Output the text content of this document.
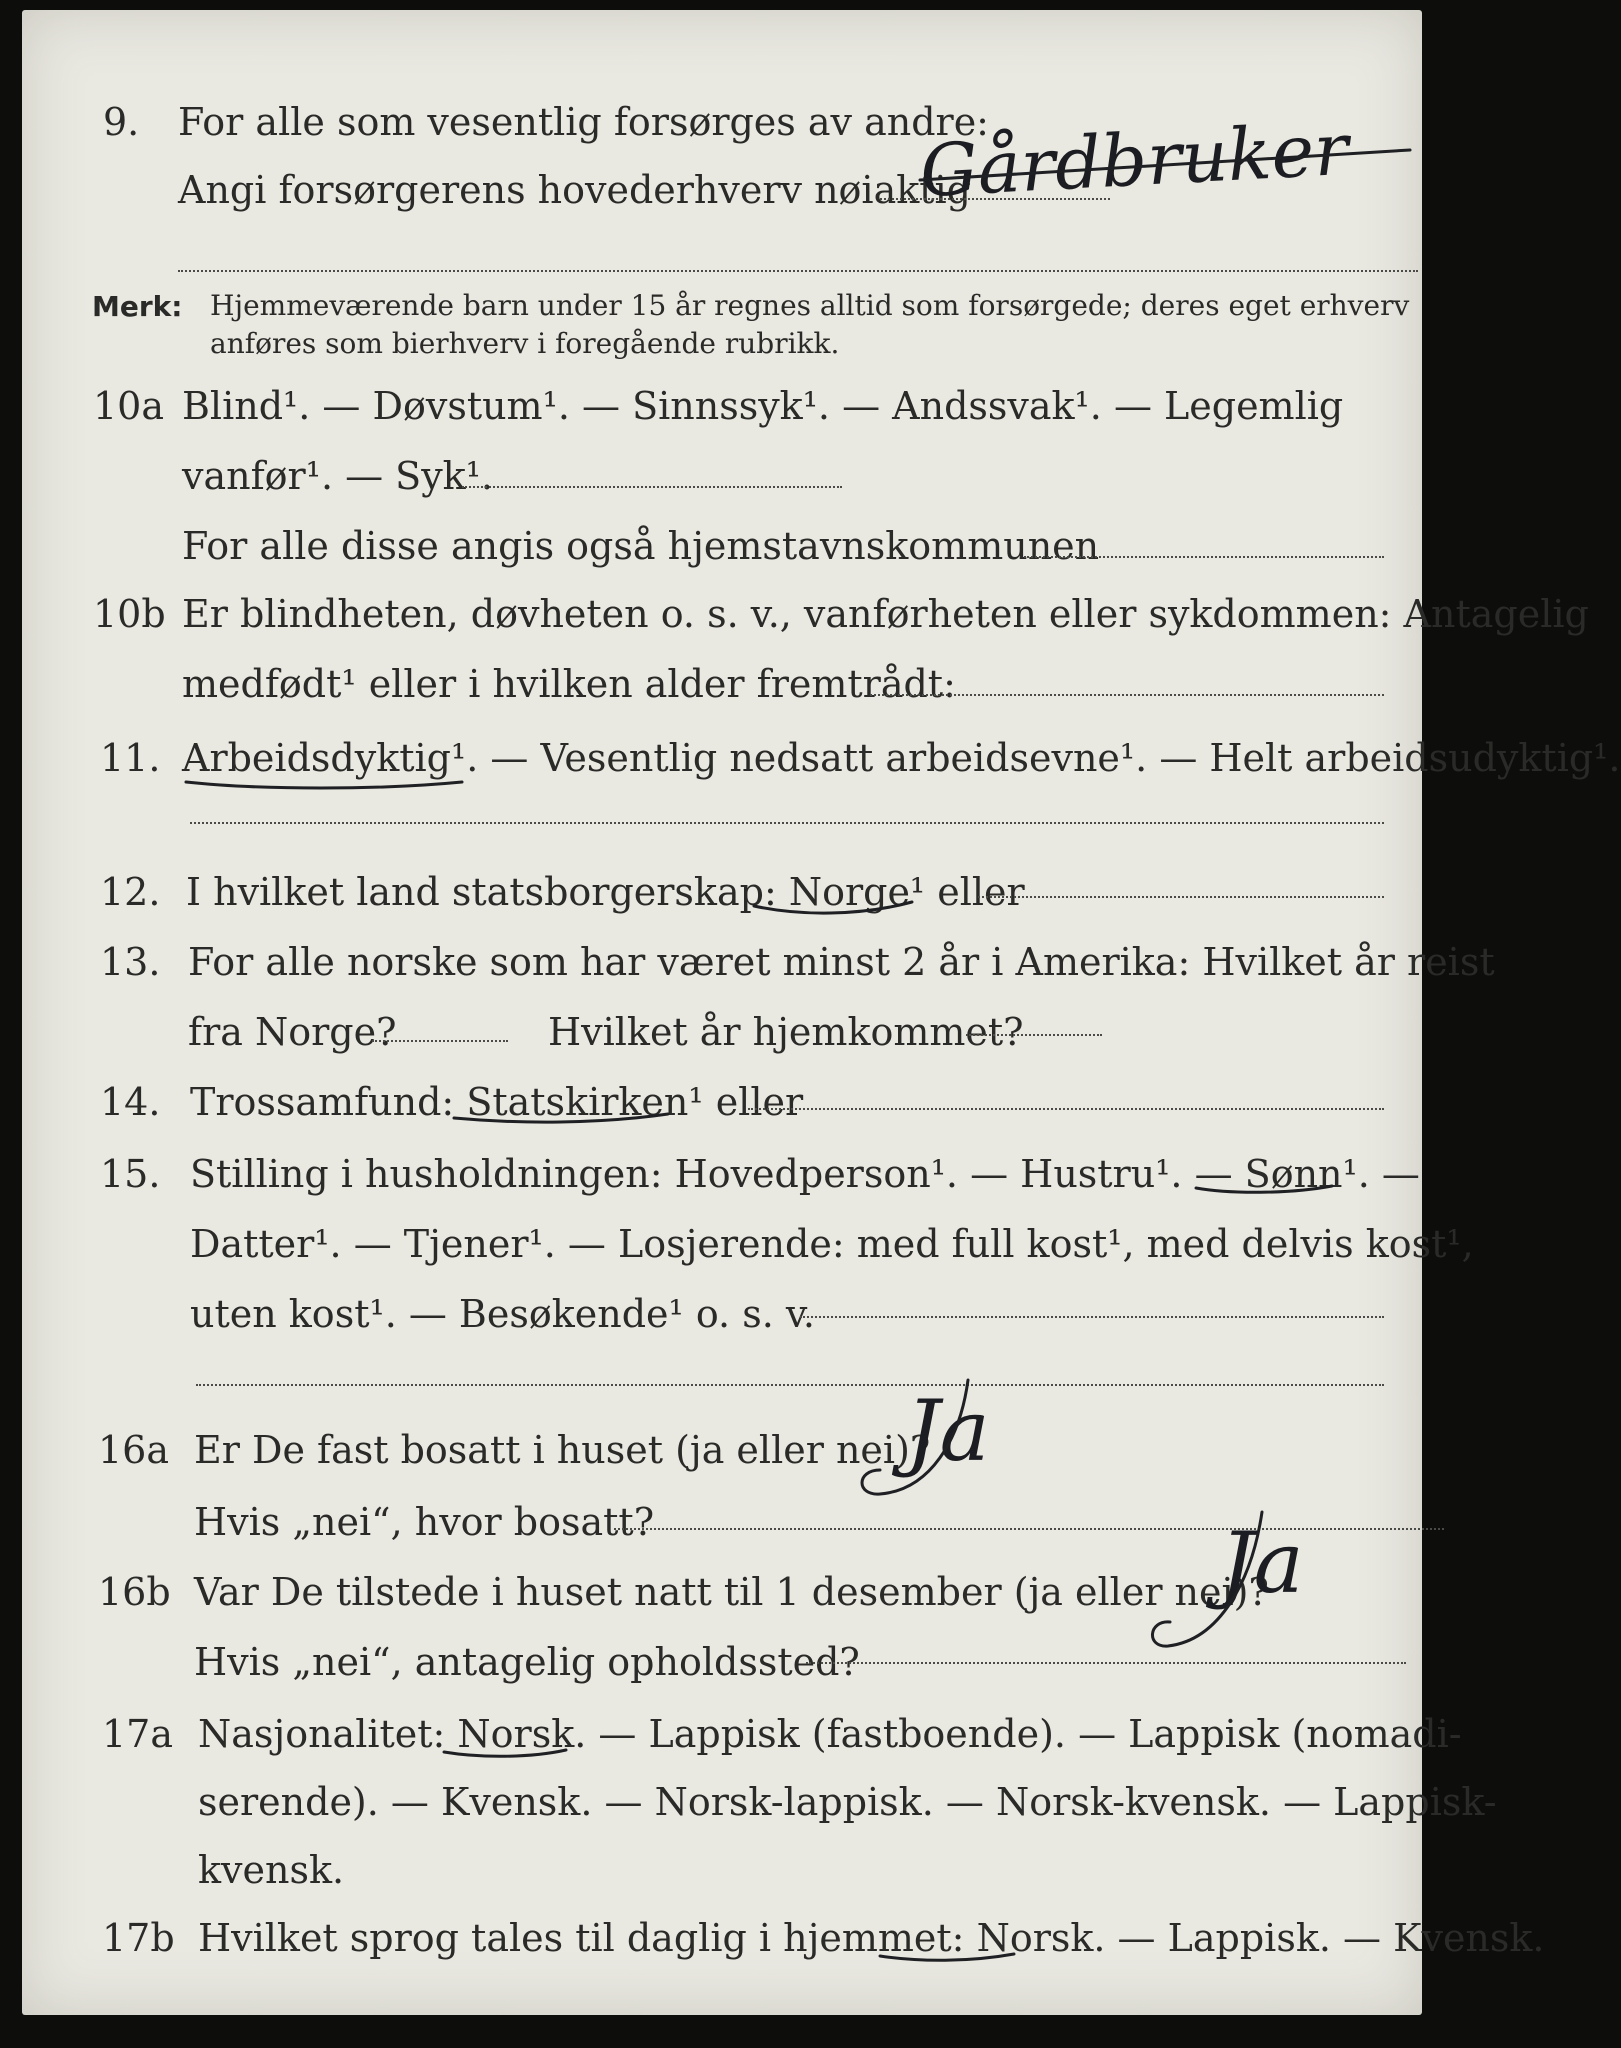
9. For alle som vesentlig forsørges av andre:
Angi forsørgerens hovederhverv nøiaktig
Gårdbruker
Merk: Hjemmeværende barn under 15 år regnes alltid som forsørgede; deres eget erhverv
anføres som bierhverv i foregående rubrikk.
10a Blind¹. — Døvstum¹. — Sinnssyk¹. — Andssvak¹. — Legemlig
vanfør¹. — Syk¹.
For alle disse angis også hjemstavnskommunen
10b Er blindheten, døvheten o. s. v., vanførheten eller sykdommen: Antagelig
medfødt¹ eller i hvilken alder fremtrådt:
11. Arbeidsdyktig¹. — Vesentlig nedsatt arbeidsevne¹. — Helt arbeidsudyktig¹.
12. I hvilket land statsborgerskap: Norge¹ eller
13. For alle norske som har været minst 2 år i Amerika: Hvilket år reist
fra Norge?	Hvilket år hjemkommet?
14. Trossamfund: Statskirken¹ eller
15. Stilling i husholdningen: Hovedperson¹. — Hustru¹. — Sønn¹. —
Datter¹. — Tjener¹. — Losjerende: med full kost¹, med delvis kost¹,
uten kost¹. — Besøkende¹ o. s. v.
16a Er De fast bosatt i huset (ja eller nei)?
Ja
Hvis „nei“, hvor bosatt?
16b Var De tilstede i huset natt til 1 desember (ja eller nei)?
Ja
Hvis „nei“, antagelig opholdssted?
17a Nasjonalitet: Norsk. — Lappisk (fastboende). — Lappisk (nomadi-
serende). — Kvensk. — Norsk-lappisk. — Norsk-kvensk. — Lappisk-
kvensk.
17b Hvilket sprog tales til daglig i hjemmet: Norsk. — Lappisk. — Kvensk.
